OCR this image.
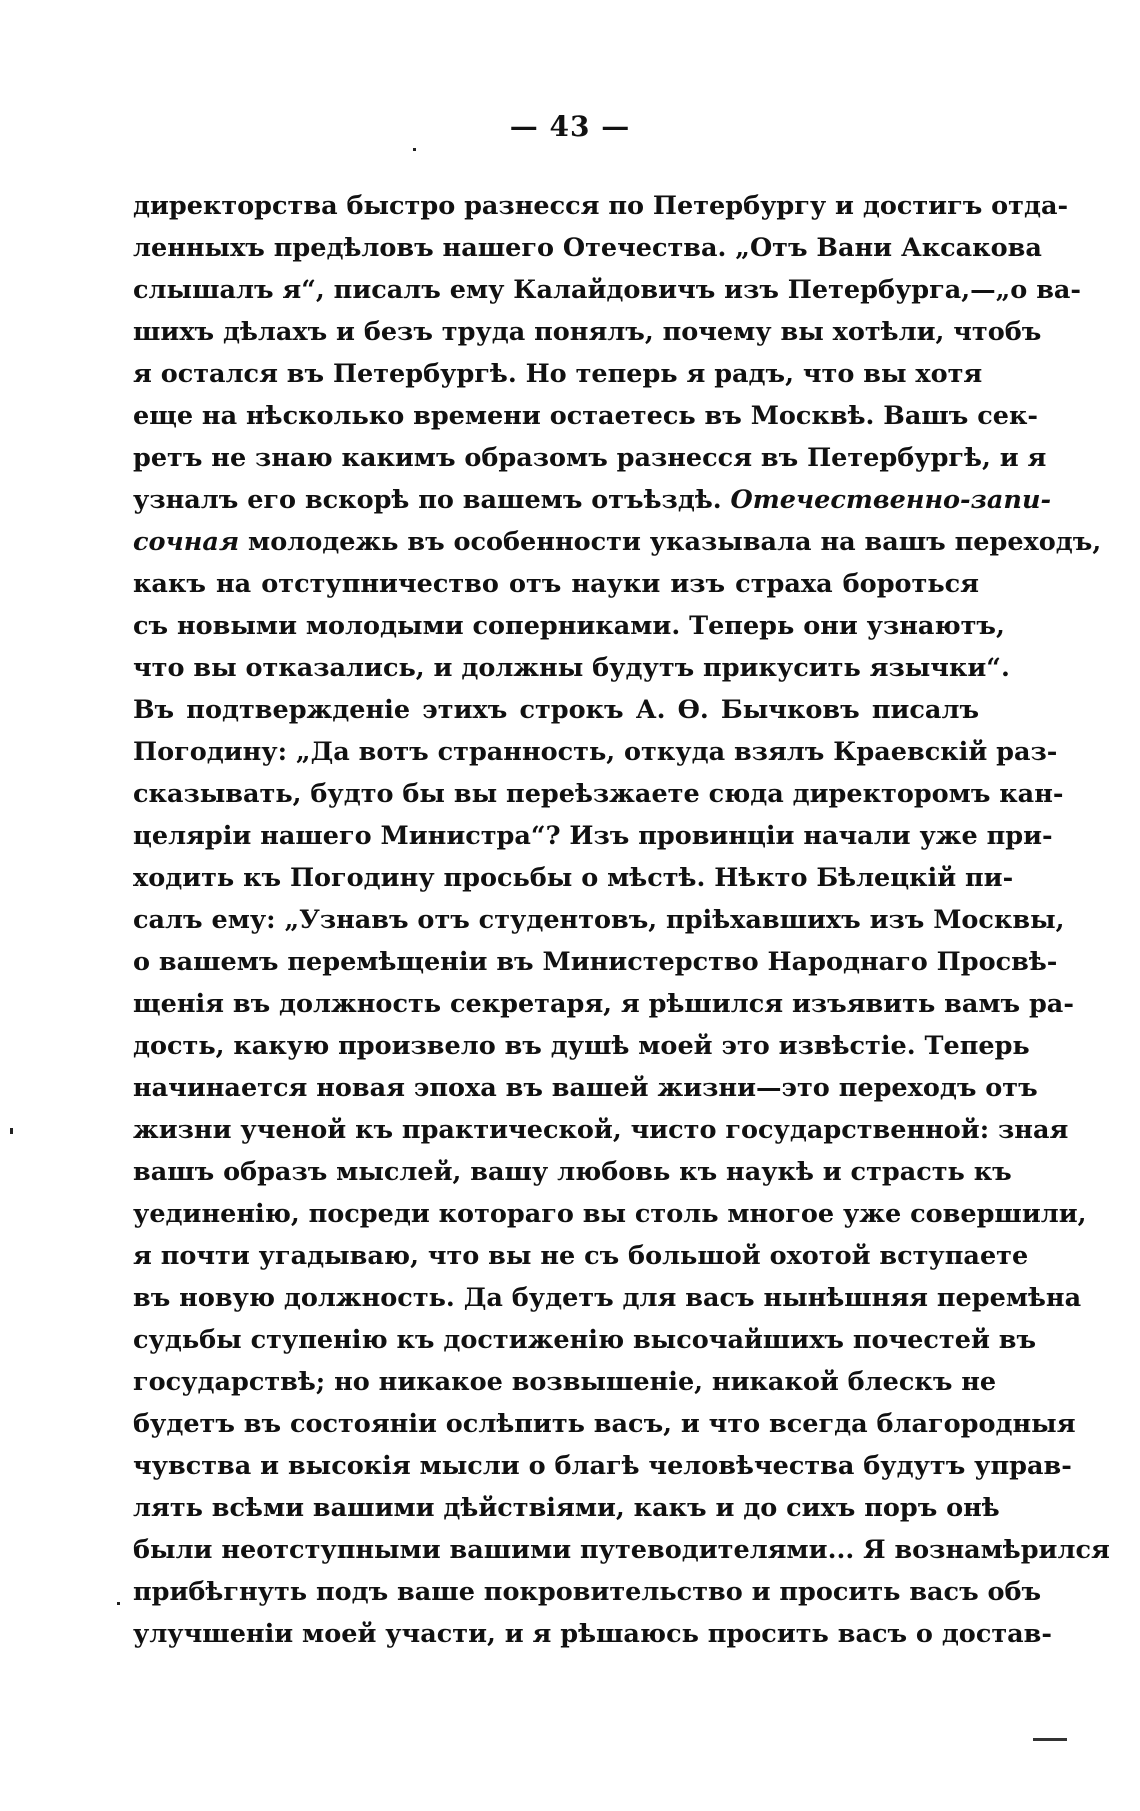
— 43 —
директорства быстро разнесся по Петербургу и достигъ отда-
ленныхъ предѣловъ нашего Отечества. „Отъ Вани Аксакова
слышалъ я“, писалъ ему Калайдовичъ изъ Петербурга,—„о ва-
шихъ дѣлахъ и безъ труда понялъ, почему вы хотѣли, чтобъ
я остался въ Петербургѣ. Но теперь я радъ, что вы хотя
еще на нѣсколько времени остаетесь въ Москвѣ. Вашъ сек-
ретъ не знаю какимъ образомъ разнесся въ Петербургѣ, и я
узналъ его вскорѣ по вашемъ отъѣздѣ. Отечественно-запи-
сочная молодежь въ особенности указывала на вашъ переходъ,
какъ на отступничество отъ науки изъ страха бороться
съ новыми молодыми соперниками. Теперь они узнаютъ,
что вы отказались, и должны будутъ прикусить язычки“.
Въ подтвержденіе этихъ строкъ А. Ѳ. Бычковъ писалъ
Погодину: „Да вотъ странность, откуда взялъ Краевскій раз-
сказывать, будто бы вы переѣзжаете сюда директоромъ кан-
целяріи нашего Министра“? Изъ провинціи начали уже при-
ходить къ Погодину просьбы о мѣстѣ. Нѣкто Бѣлецкій пи-
салъ ему: „Узнавъ отъ студентовъ, пріѣхавшихъ изъ Москвы,
о вашемъ перемѣщеніи въ Министерство Народнаго Просвѣ-
щенія въ должность секретаря, я рѣшился изъявить вамъ ра-
дость, какую произвело въ душѣ моей это извѣстіе. Теперь
начинается новая эпоха въ вашей жизни—это переходъ отъ
жизни ученой къ практической, чисто государственной: зная
вашъ образъ мыслей, вашу любовь къ наукѣ и страсть къ
уединенію, посреди котораго вы столь многое уже совершили,
я почти угадываю, что вы не съ большой охотой вступаете
въ новую должность. Да будетъ для васъ нынѣшняя перемѣна
судьбы ступенію къ достиженію высочайшихъ почестей въ
государствѣ; но никакое возвышеніе, никакой блескъ не
будетъ въ состояніи ослѣпить васъ, и что всегда благородныя
чувства и высокія мысли о благѣ человѣчества будутъ управ-
лять всѣми вашими дѣйствіями, какъ и до сихъ поръ онѣ
были неотступными вашими путеводителями... Я вознамѣрился
прибѣгнуть подъ ваше покровительство и просить васъ объ
улучшеніи моей участи, и я рѣшаюсь просить васъ о достав-
